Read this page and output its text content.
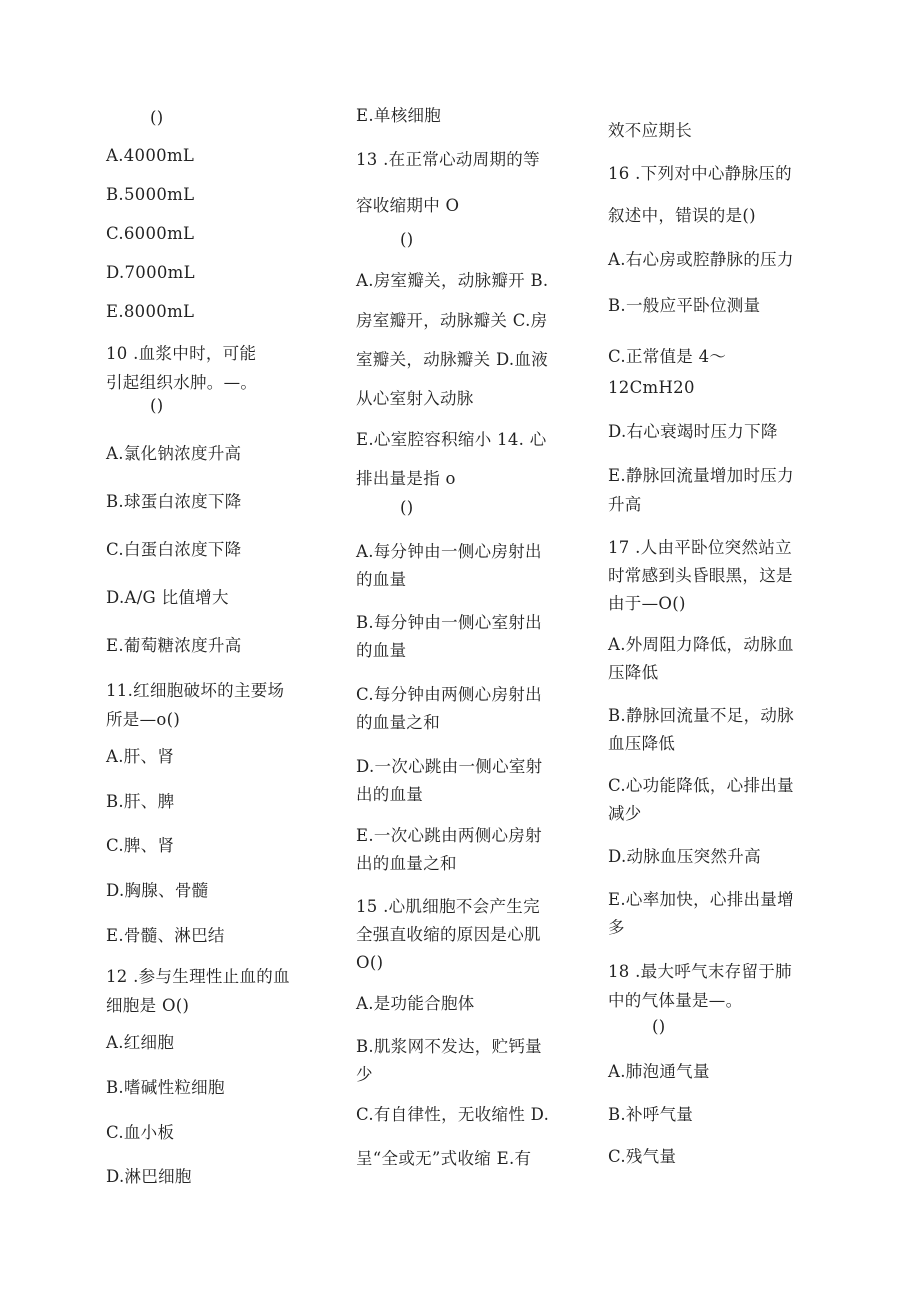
()
A.4000mL
B.5000mL
C.6000mL
D.7000mL
E.8000mL
10 .血浆中时，可能
引起组织水肿。—。
()
A.氯化钠浓度升高
B.球蛋白浓度下降
C.白蛋白浓度下降
D.A/G 比值增大
E.葡萄糖浓度升高
11.红细胞破坏的主要场
所是—o()
A.肝、肾
B.肝、脾
C.脾、肾
D.胸腺、骨髓
E.骨髓、淋巴结
12 .参与生理性止血的血
细胞是 O()
A.红细胞
B.嗜碱性粒细胞
C.血小板
D.淋巴细胞
E.单核细胞
13 .在正常心动周期的等
容收缩期中 O
()
A.房室瓣关，动脉瓣开 B.
房室瓣开，动脉瓣关 C.房
室瓣关，动脉瓣关 D.血液
从心室射入动脉
E.心室腔容积缩小 14. 心
排出量是指 o
()
A.每分钟由一侧心房射出
的血量
B.每分钟由一侧心室射出
的血量
C.每分钟由两侧心房射出
的血量之和
D.一次心跳由一侧心室射
出的血量
E.一次心跳由两侧心房射
出的血量之和
15 .心肌细胞不会产生完
全强直收缩的原因是心肌
O()
A.是功能合胞体
B.肌浆网不发达，贮钙量
少
C.有自律性，无收缩性 D.
呈“全或无”式收缩 E.有
效不应期长
16 .下列对中心静脉压的
叙述中，错误的是()
A.右心房或腔静脉的压力
B.一般应平卧位测量
C.正常值是 4～
12CmH20
D.右心衰竭时压力下降
E.静脉回流量增加时压力
升高
17 .人由平卧位突然站立
时常感到头昏眼黑，这是
由于—O()
A.外周阻力降低，动脉血
压降低
B.静脉回流量不足，动脉
血压降低
C.心功能降低，心排出量
减少
D.动脉血压突然升高
E.心率加快，心排出量增
多
18 .最大呼气末存留于肺
中的气体量是—。
()
A.肺泡通气量
B.补呼气量
C.残气量
